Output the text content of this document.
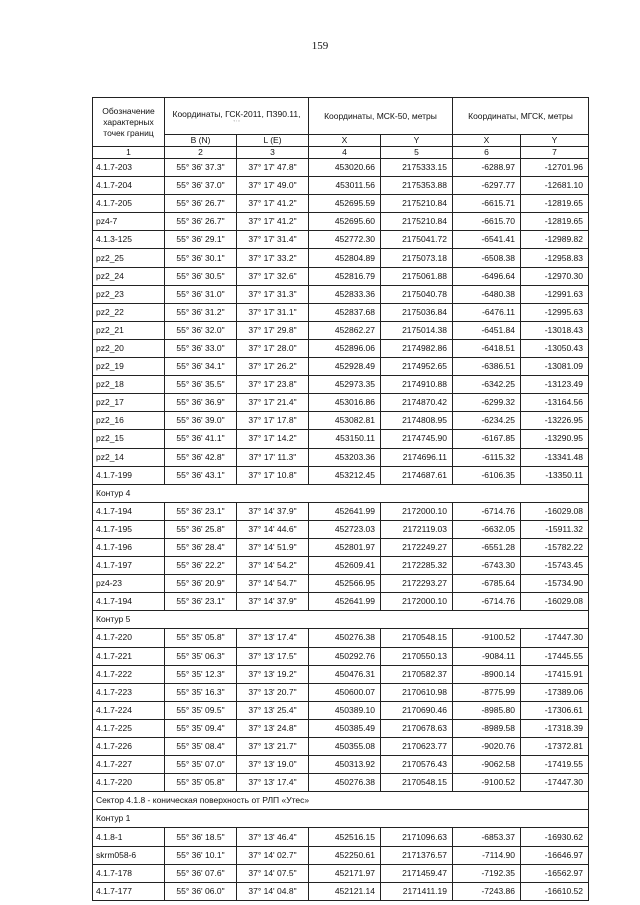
159
Обозначение характерных точек границ	Координаты, ГСК-2011, ПЗ90.11,
° ′ ″		Координаты, МСК-50, метры		Координаты, МГСК, метры	
	B (N)	L (E)	X	Y	X	Y
1	2	3	4	5	6	7
4.1.7-203	55° 36' 37.3"	37° 17' 47.8"	453020.66	2175333.15	-6288.97	-12701.96
4.1.7-204	55° 36' 37.0"	37° 17' 49.0"	453011.56	2175353.88	-6297.77	-12681.10
4.1.7-205	55° 36' 26.7"	37° 17' 41.2"	452695.59	2175210.84	-6615.71	-12819.65
pz4-7	55° 36' 26.7"	37° 17' 41.2"	452695.60	2175210.84	-6615.70	-12819.65
4.1.3-125	55° 36' 29.1"	37° 17' 31.4"	452772.30	2175041.72	-6541.41	-12989.82
pz2_25	55° 36' 30.1"	37° 17' 33.2"	452804.89	2175073.18	-6508.38	-12958.83
pz2_24	55° 36' 30.5"	37° 17' 32.6"	452816.79	2175061.88	-6496.64	-12970.30
pz2_23	55° 36' 31.0"	37° 17' 31.3"	452833.36	2175040.78	-6480.38	-12991.63
pz2_22	55° 36' 31.2"	37° 17' 31.1"	452837.68	2175036.84	-6476.11	-12995.63
pz2_21	55° 36' 32.0"	37° 17' 29.8"	452862.27	2175014.38	-6451.84	-13018.43
pz2_20	55° 36' 33.0"	37° 17' 28.0"	452896.06	2174982.86	-6418.51	-13050.43
pz2_19	55° 36' 34.1"	37° 17' 26.2"	452928.49	2174952.65	-6386.51	-13081.09
pz2_18	55° 36' 35.5"	37° 17' 23.8"	452973.35	2174910.88	-6342.25	-13123.49
pz2_17	55° 36' 36.9"	37° 17' 21.4"	453016.86	2174870.42	-6299.32	-13164.56
pz2_16	55° 36' 39.0"	37° 17' 17.8"	453082.81	2174808.95	-6234.25	-13226.95
pz2_15	55° 36' 41.1"	37° 17' 14.2"	453150.11	2174745.90	-6167.85	-13290.95
pz2_14	55° 36' 42.8"	37° 17' 11.3"	453203.36	2174696.11	-6115.32	-13341.48
4.1.7-199	55° 36' 43.1"	37° 17' 10.8"	453212.45	2174687.61	-6106.35	-13350.11
Контур 4						
4.1.7-194	55° 36' 23.1"	37° 14' 37.9"	452641.99	2172000.10	-6714.76	-16029.08
4.1.7-195	55° 36' 25.8"	37° 14' 44.6"	452723.03	2172119.03	-6632.05	-15911.32
4.1.7-196	55° 36' 28.4"	37° 14' 51.9"	452801.97	2172249.27	-6551.28	-15782.22
4.1.7-197	55° 36' 22.2"	37° 14' 54.2"	452609.41	2172285.32	-6743.30	-15743.45
pz4-23	55° 36' 20.9"	37° 14' 54.7"	452566.95	2172293.27	-6785.64	-15734.90
4.1.7-194	55° 36' 23.1"	37° 14' 37.9"	452641.99	2172000.10	-6714.76	-16029.08
Контур 5						
4.1.7-220	55° 35' 05.8"	37° 13' 17.4"	450276.38	2170548.15	-9100.52	-17447.30
4.1.7-221	55° 35' 06.3"	37° 13' 17.5"	450292.76	2170550.13	-9084.11	-17445.55
4.1.7-222	55° 35' 12.3"	37° 13' 19.2"	450476.31	2170582.37	-8900.14	-17415.91
4.1.7-223	55° 35' 16.3"	37° 13' 20.7"	450600.07	2170610.98	-8775.99	-17389.06
4.1.7-224	55° 35' 09.5"	37° 13' 25.4"	450389.10	2170690.46	-8985.80	-17306.61
4.1.7-225	55° 35' 09.4"	37° 13' 24.8"	450385.49	2170678.63	-8989.58	-17318.39
4.1.7-226	55° 35' 08.4"	37° 13' 21.7"	450355.08	2170623.77	-9020.76	-17372.81
4.1.7-227	55° 35' 07.0"	37° 13' 19.0"	450313.92	2170576.43	-9062.58	-17419.55
4.1.7-220	55° 35' 05.8"	37° 13' 17.4"	450276.38	2170548.15	-9100.52	-17447.30
Сектор 4.1.8 - коническая поверхность от РЛП «Утес»						
Контур 1						
4.1.8-1	55° 36' 18.5"	37° 13' 46.4"	452516.15	2171096.63	-6853.37	-16930.62
skrm058-6	55° 36' 10.1"	37° 14' 02.7"	452250.61	2171376.57	-7114.90	-16646.97
4.1.7-178	55° 36' 07.6"	37° 14' 07.5"	452171.97	2171459.47	-7192.35	-16562.97
4.1.7-177	55° 36' 06.0"	37° 14' 04.8"	452121.14	2171411.19	-7243.86	-16610.52
